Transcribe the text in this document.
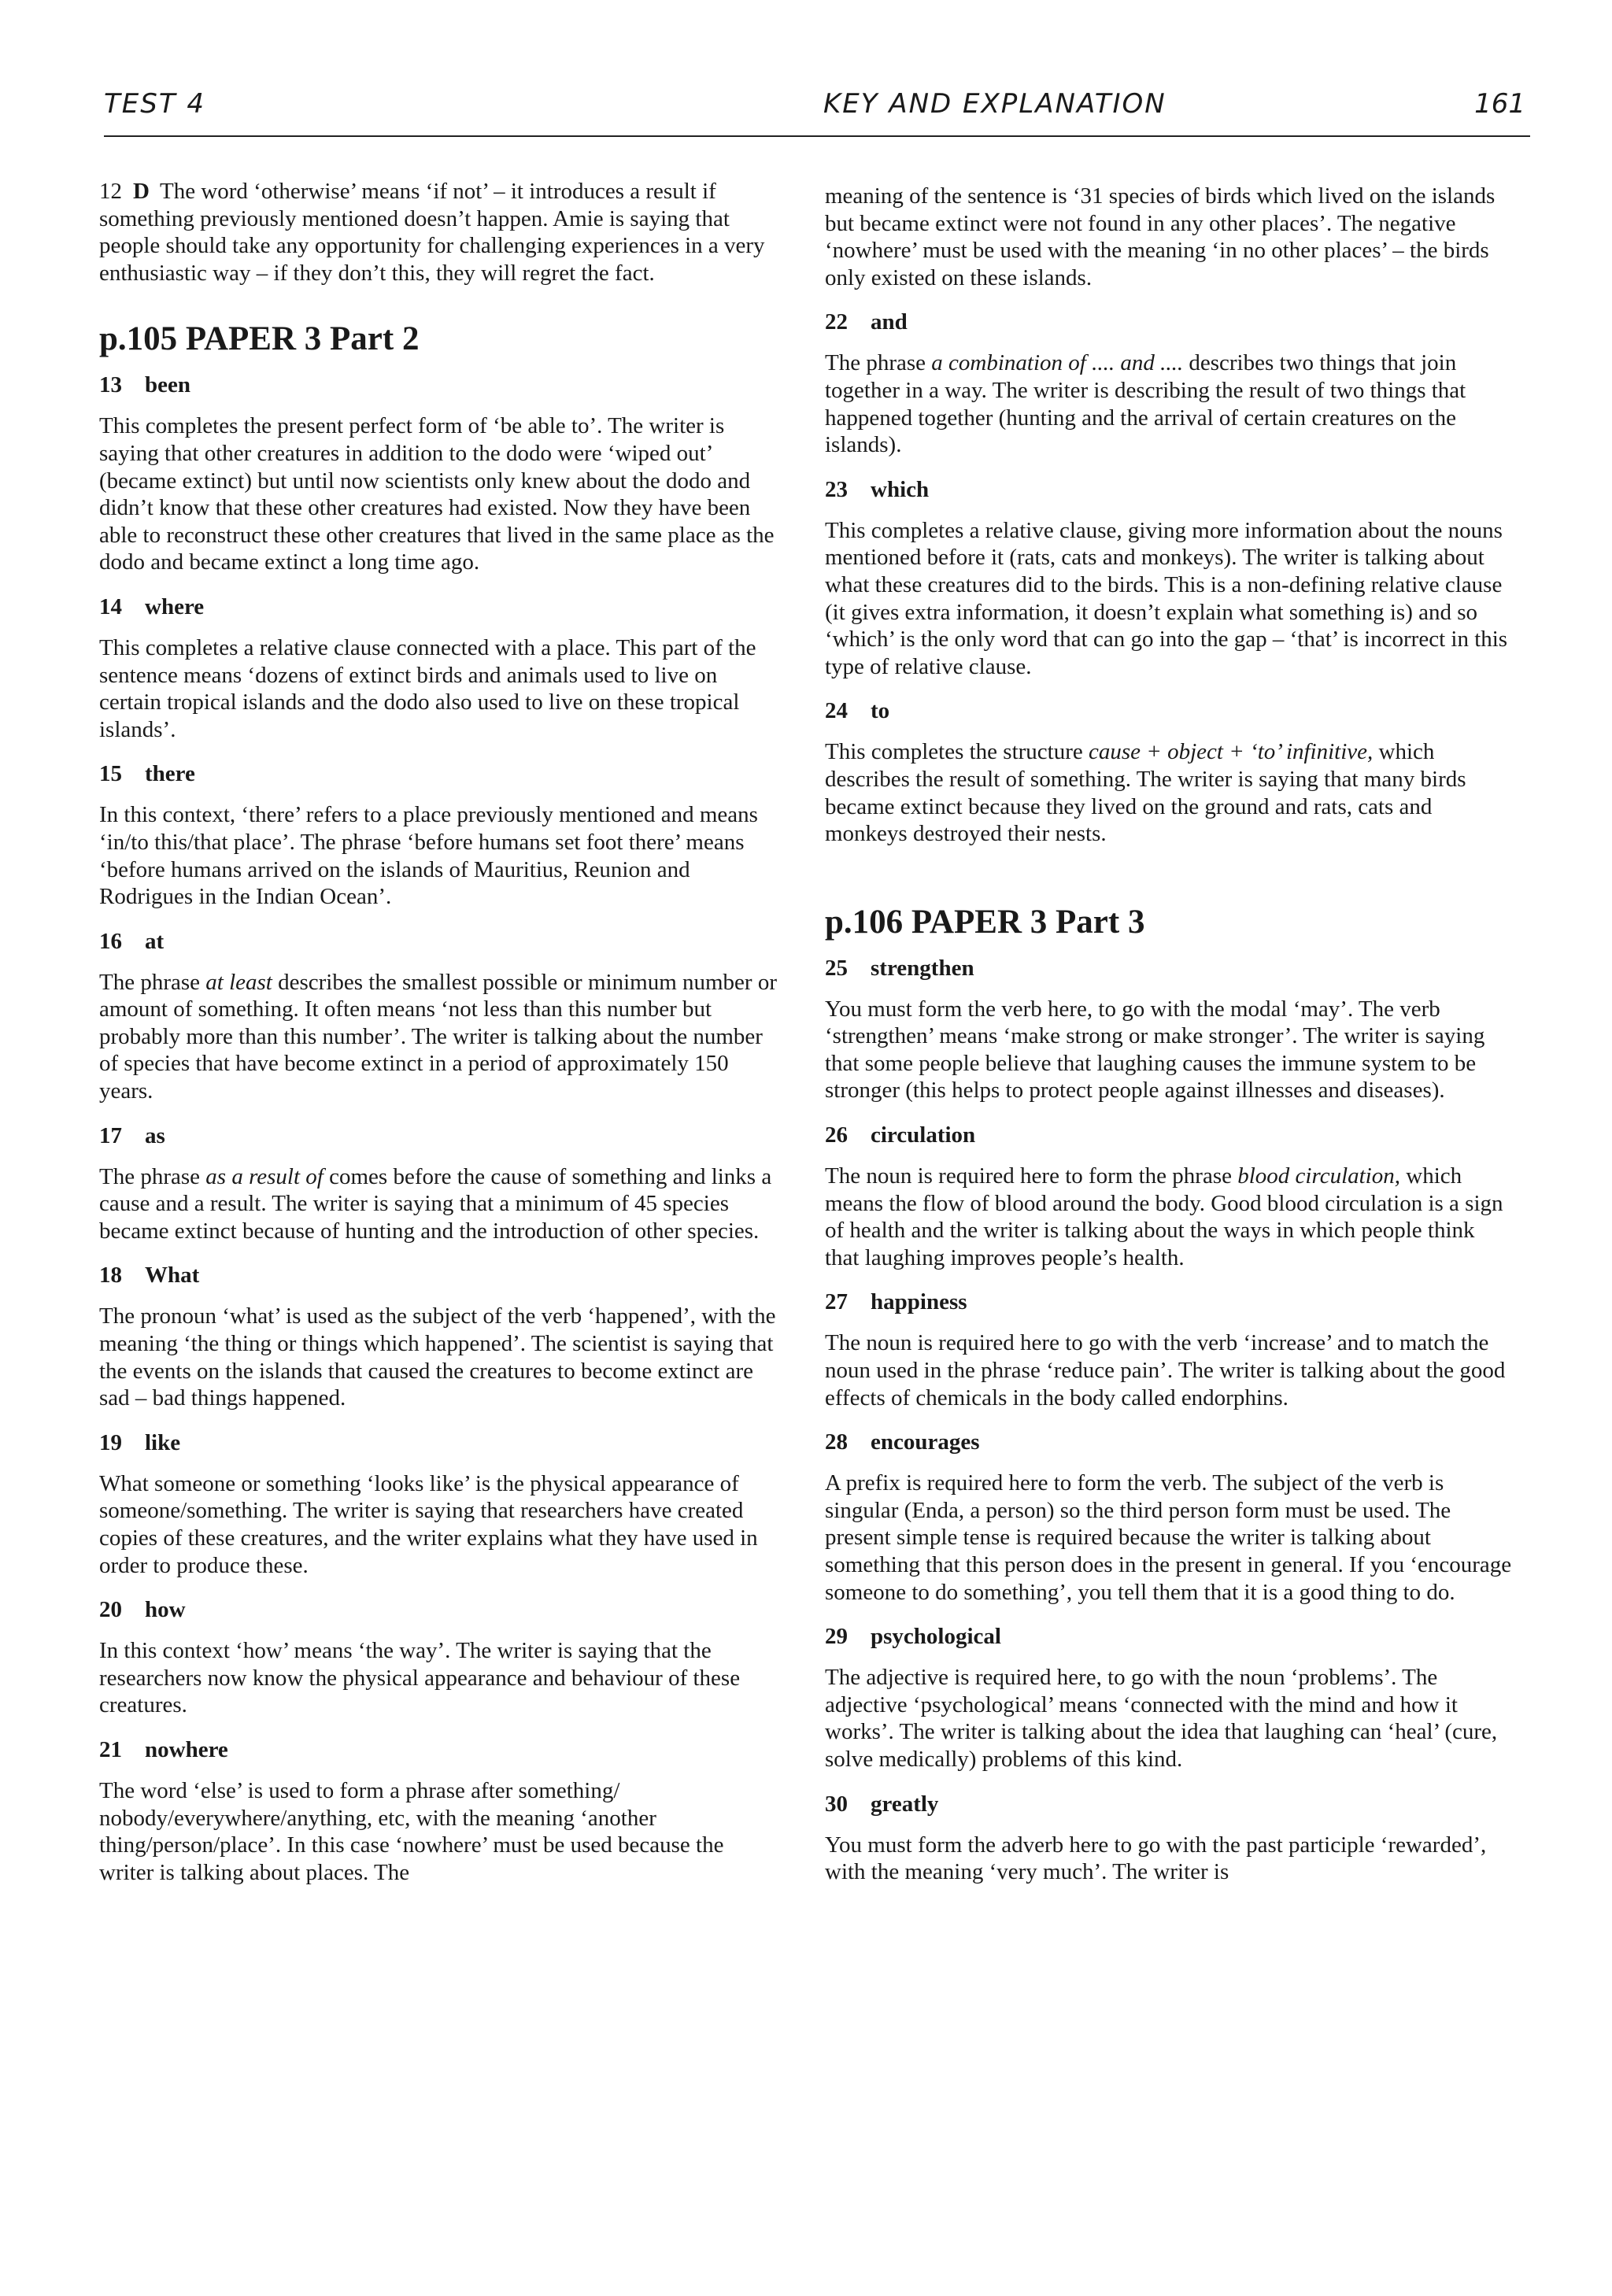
TEST 4	KEY AND EXPLANATION	161

12 D The word ‘otherwise’ means ‘if not’ – it introduces a result if something previously mentioned doesn’t happen. Amie is saying that people should take any opportunity for challenging experiences in a very enthusiastic way – if they don’t this, they will regret the fact.

p.105 PAPER 3 Part 2
13 been

This completes the present perfect form of ‘be able to’. The writer is saying that other creatures in addition to the dodo were ‘wiped out’ (became extinct) but until now scientists only knew about the dodo and didn’t know that these other creatures had existed. Now they have been able to reconstruct these other creatures that lived in the same place as the dodo and became extinct a long time ago.

14 where

This completes a relative clause connected with a place. This part of the sentence means ‘dozens of extinct birds and animals used to live on certain tropical islands and the dodo also used to live on these tropical islands’.

15 there

In this context, ‘there’ refers to a place previously mentioned and means ‘in/to this/that place’. The phrase ‘before humans set foot there’ means ‘before humans arrived on the islands of Mauritius, Reunion and Rodrigues in the Indian Ocean’.

16 at

The phrase at least describes the smallest possible or minimum number or amount of something. It often means ‘not less than this number but probably more than this number’. The writer is talking about the number of species that have become extinct in a period of approximately 150 years.

17 as

The phrase as a result of comes before the cause of something and links a cause and a result. The writer is saying that a minimum of 45 species became extinct because of hunting and the introduction of other species.

18 What

The pronoun ‘what’ is used as the subject of the verb ‘happened’, with the meaning ‘the thing or things which happened’. The scientist is saying that the events on the islands that caused the creatures to become extinct are sad – bad things happened.

19 like

What someone or something ‘looks like’ is the physical appearance of someone/something. The writer is saying that researchers have created copies of these creatures, and the writer explains what they have used in order to produce these.

20 how

In this context ‘how’ means ‘the way’. The writer is saying that the researchers now know the physical appearance and behaviour of these creatures.

21 nowhere

The word ‘else’ is used to form a phrase after something/ nobody/everywhere/anything, etc, with the meaning ‘another thing/person/place’. In this case ‘nowhere’ must be used because the writer is talking about places. The

meaning of the sentence is ‘31 species of birds which lived on the islands but became extinct were not found in any other places’. The negative ‘nowhere’ must be used with the meaning ‘in no other places’ – the birds only existed on these islands.

22 and

The phrase a combination of .... and .... describes two things that join together in a way. The writer is describing the result of two things that happened together (hunting and the arrival of certain creatures on the islands).

23 which

This completes a relative clause, giving more information about the nouns mentioned before it (rats, cats and monkeys). The writer is talking about what these creatures did to the birds. This is a non-defining relative clause (it gives extra information, it doesn’t explain what something is) and so ‘which’ is the only word that can go into the gap – ‘that’ is incorrect in this type of relative clause.

24 to

This completes the structure cause + object + ‘to’ infinitive, which describes the result of something. The writer is saying that many birds became extinct because they lived on the ground and rats, cats and monkeys destroyed their nests.

p.106 PAPER 3 Part 3
25 strengthen

You must form the verb here, to go with the modal ‘may’. The verb ‘strengthen’ means ‘make strong or make stronger’. The writer is saying that some people believe that laughing causes the immune system to be stronger (this helps to protect people against illnesses and diseases).

26 circulation

The noun is required here to form the phrase blood circulation, which means the flow of blood around the body. Good blood circulation is a sign of health and the writer is talking about the ways in which people think that laughing improves people’s health.

27 happiness

The noun is required here to go with the verb ‘increase’ and to match the noun used in the phrase ‘reduce pain’. The writer is talking about the good effects of chemicals in the body called endorphins.

28 encourages

A prefix is required here to form the verb. The subject of the verb is singular (Enda, a person) so the third person form must be used. The present simple tense is required because the writer is talking about something that this person does in the present in general. If you ‘encourage someone to do something’, you tell them that it is a good thing to do.

29 psychological

The adjective is required here, to go with the noun ‘problems’. The adjective ‘psychological’ means ‘connected with the mind and how it works’. The writer is talking about the idea that laughing can ‘heal’ (cure, solve medically) problems of this kind.

30 greatly

You must form the adverb here to go with the past participle ‘rewarded’, with the meaning ‘very much’. The writer is
